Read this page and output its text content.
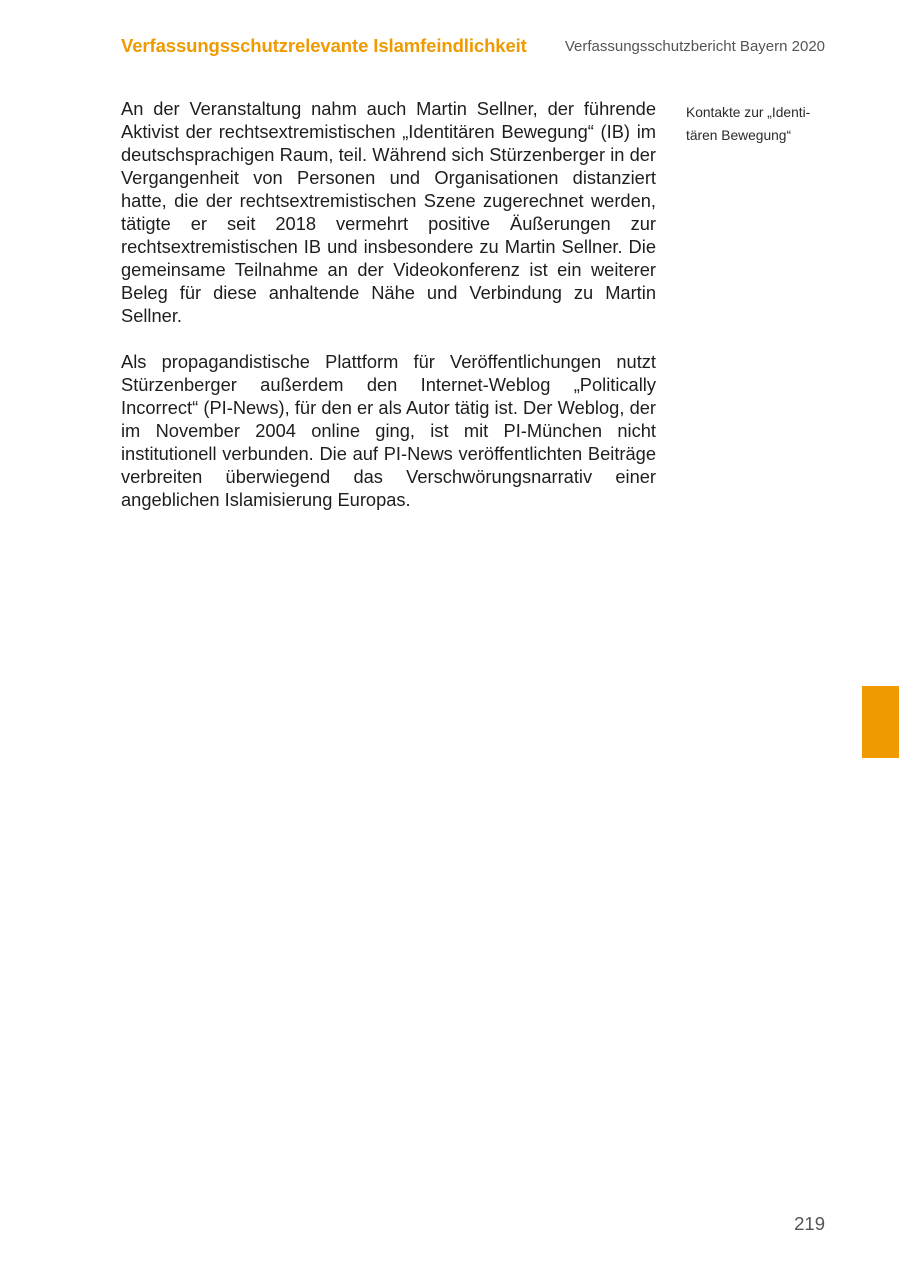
Verfassungsschutzrelevante Islamfeindlichkeit	Verfassungsschutzbericht Bayern 2020

An der Veranstaltung nahm auch Martin Sellner, der führende Aktivist der rechtsextremistischen „Identitären Bewegung“ (IB) im deutschsprachigen Raum, teil. Während sich Stürzenberger in der Vergangenheit von Personen und Organisationen distanziert hatte, die der rechtsextremistischen Szene zugerechnet werden, tätigte er seit 2018 vermehrt positive Äußerungen zur rechtsextremistischen IB und insbesondere zu Martin Sellner. Die gemeinsame Teilnahme an der Videokonferenz ist ein weiterer Beleg für diese anhaltende Nähe und Verbindung zu Martin Sellner.

Als propagandistische Plattform für Veröffentlichungen nutzt Stürzenberger außerdem den Internet-Weblog „Politically Incorrect“ (PI-News), für den er als Autor tätig ist. Der Weblog, der im November 2004 online ging, ist mit PI-München nicht institutionell verbunden. Die auf PI-News veröffentlichten Beiträge verbreiten überwiegend das Verschwörungsnarrativ einer angeblichen Islamisierung Europas.

Kontakte zur „Identitären Bewegung“
219
